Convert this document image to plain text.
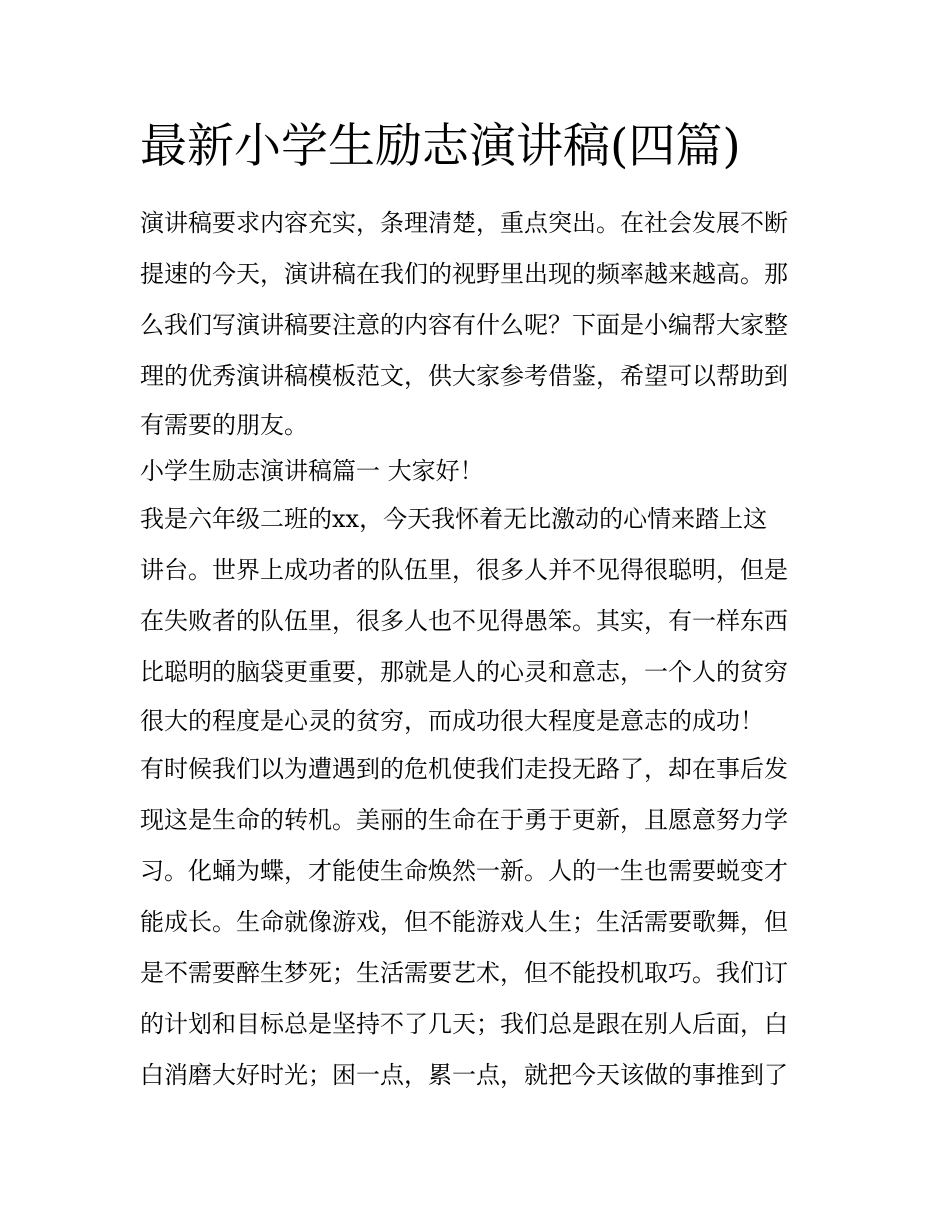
最新小学生励志演讲稿(四篇)
演讲稿要求内容充实，条理清楚，重点突出。在社会发展不断
提速的今天，演讲稿在我们的视野里出现的频率越来越高。那
么我们写演讲稿要注意的内容有什么呢？下面是小编帮大家整
理的优秀演讲稿模板范文，供大家参考借鉴，希望可以帮助到
有需要的朋友。
小学生励志演讲稿篇一 大家好！
我是六年级二班的xx，今天我怀着无比激动的心情来踏上这
讲台。世界上成功者的队伍里，很多人并不见得很聪明，但是
在失败者的队伍里，很多人也不见得愚笨。其实，有一样东西
比聪明的脑袋更重要，那就是人的心灵和意志，一个人的贫穷
很大的程度是心灵的贫穷，而成功很大程度是意志的成功！
有时候我们以为遭遇到的危机使我们走投无路了，却在事后发
现这是生命的转机。美丽的生命在于勇于更新，且愿意努力学
习。化蛹为蝶，才能使生命焕然一新。人的一生也需要蜕变才
能成长。生命就像游戏，但不能游戏人生；生活需要歌舞，但
是不需要醉生梦死；生活需要艺术，但不能投机取巧。我们订
的计划和目标总是坚持不了几天；我们总是跟在别人后面，白
白消磨大好时光；困一点，累一点，就把今天该做的事推到了
